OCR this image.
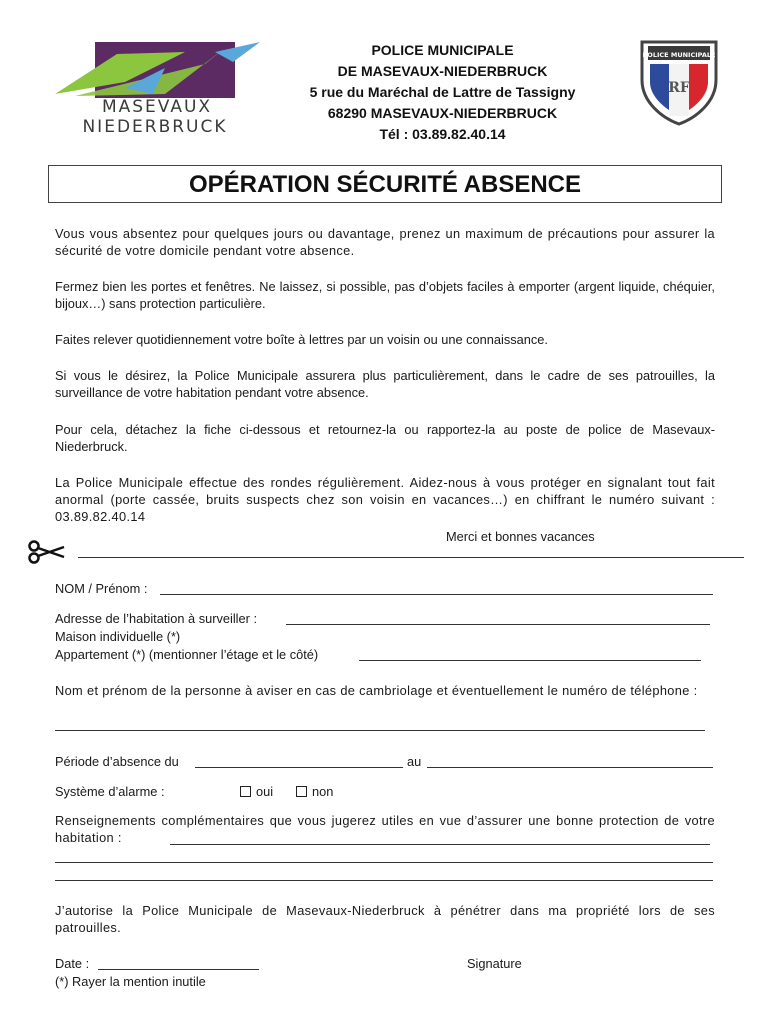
MASEVAUX
NIEDERBRUCK
POLICE MUNICIPALE
DE MASEVAUX-NIEDERBRUCK
5 rue du Maréchal de Lattre de Tassigny
68290 MASEVAUX-NIEDERBRUCK
Tél : 03.89.82.40.14
POLICE MUNICIPALE
RF
OPÉRATION SÉCURITÉ ABSENCE
Vous vous absentez pour quelques jours ou davantage, prenez un maximum de précautions pour assurer la sécurité de votre domicile pendant votre absence.
Fermez bien les portes et fenêtres. Ne laissez, si possible, pas d’objets faciles à emporter (argent liquide, chéquier, bijoux…) sans protection particulière.
Faites relever quotidiennement votre boîte à lettres par un voisin ou une connaissance.
Si vous le désirez, la Police Municipale assurera plus particulièrement, dans le cadre de ses patrouilles, la surveillance de votre habitation pendant votre absence.
Pour cela, détachez la fiche ci-dessous et retournez-la ou rapportez-la au poste de police de Masevaux-Niederbruck.
La Police Municipale effectue des rondes régulièrement. Aidez-nous à vous protéger en signalant tout fait anormal (porte cassée, bruits suspects chez son voisin en vacances…) en chiffrant le numéro suivant : 03.89.82.40.14
Merci et bonnes vacances
NOM / Prénom :
Adresse de l’habitation à surveiller :
Maison individuelle (*)
Appartement (*) (mentionner l’étage et le côté)
Nom et prénom de la personne à aviser en cas de cambriolage et éventuellement le numéro de téléphone :
Période d’absence du	au
Système d’alarme :	oui	non
Renseignements complémentaires que vous jugerez utiles en vue d’assurer une bonne protection de votre habitation :
J’autorise la Police Municipale de Masevaux-Niederbruck à pénétrer dans ma propriété lors de ses patrouilles.
Date :	Signature
(*) Rayer la mention inutile
